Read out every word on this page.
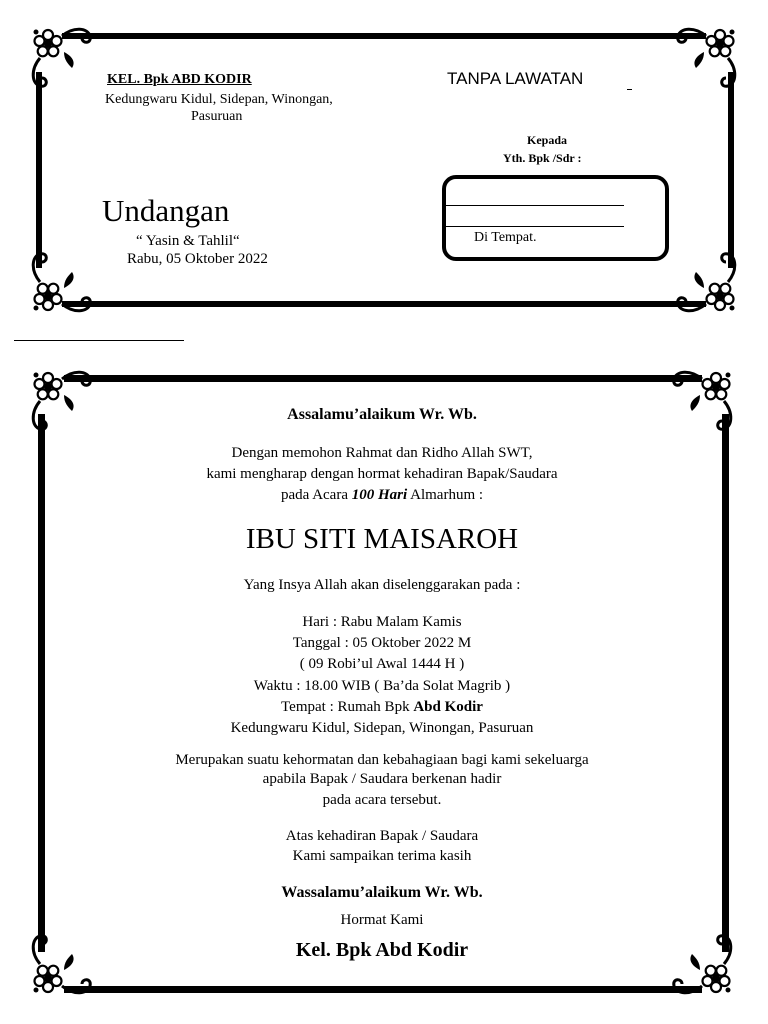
KEL. Bpk ABD KODIR
Kedungwaru Kidul, Sidepan, Winongan,
Pasuruan
TANPA LAWATAN
Kepada
Yth. Bpk /Sdr :
Di Tempat.
Undangan
“ Yasin & Tahlil“
Rabu, 05 Oktober 2022
Assalamu’alaikum Wr. Wb.
Dengan memohon Rahmat dan Ridho Allah SWT,
kami mengharap dengan hormat kehadiran Bapak/Saudara
pada Acara 100 Hari Almarhum :
IBU SITI MAISAROH
Yang Insya Allah akan diselenggarakan pada :
Hari : Rabu Malam Kamis
Tanggal : 05 Oktober 2022 M
( 09 Robi’ul Awal 1444 H )
Waktu : 18.00 WIB ( Ba’da Solat Magrib )
Tempat : Rumah Bpk Abd Kodir
Kedungwaru Kidul, Sidepan, Winongan, Pasuruan
Merupakan suatu kehormatan dan kebahagiaan bagi kami sekeluarga
apabila Bapak / Saudara berkenan hadir
pada acara tersebut.
Atas kehadiran Bapak / Saudara
Kami sampaikan terima kasih
Wassalamu’alaikum Wr. Wb.
Hormat Kami
Kel. Bpk Abd Kodir
